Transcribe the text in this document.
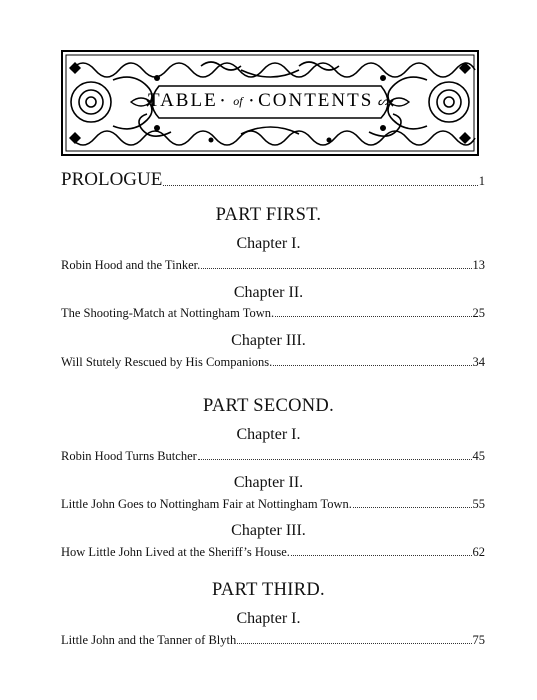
TABLE • of • CONTENTS ᔕ
PROLOGUE	1
PART FIRST.
Chapter I.
Robin Hood and the Tinker.	13
Chapter II.
The Shooting-Match at Nottingham Town.	25
Chapter III.
Will Stutely Rescued by His Companions.	34
PART SECOND.
Chapter I.
Robin Hood Turns Butcher	45
Chapter II.
Little John Goes to Nottingham Fair at Nottingham Town.	55
Chapter III.
How Little John Lived at the Sheriff’s House.	62
PART THIRD.
Chapter I.
Little John and the Tanner of Blyth	75
